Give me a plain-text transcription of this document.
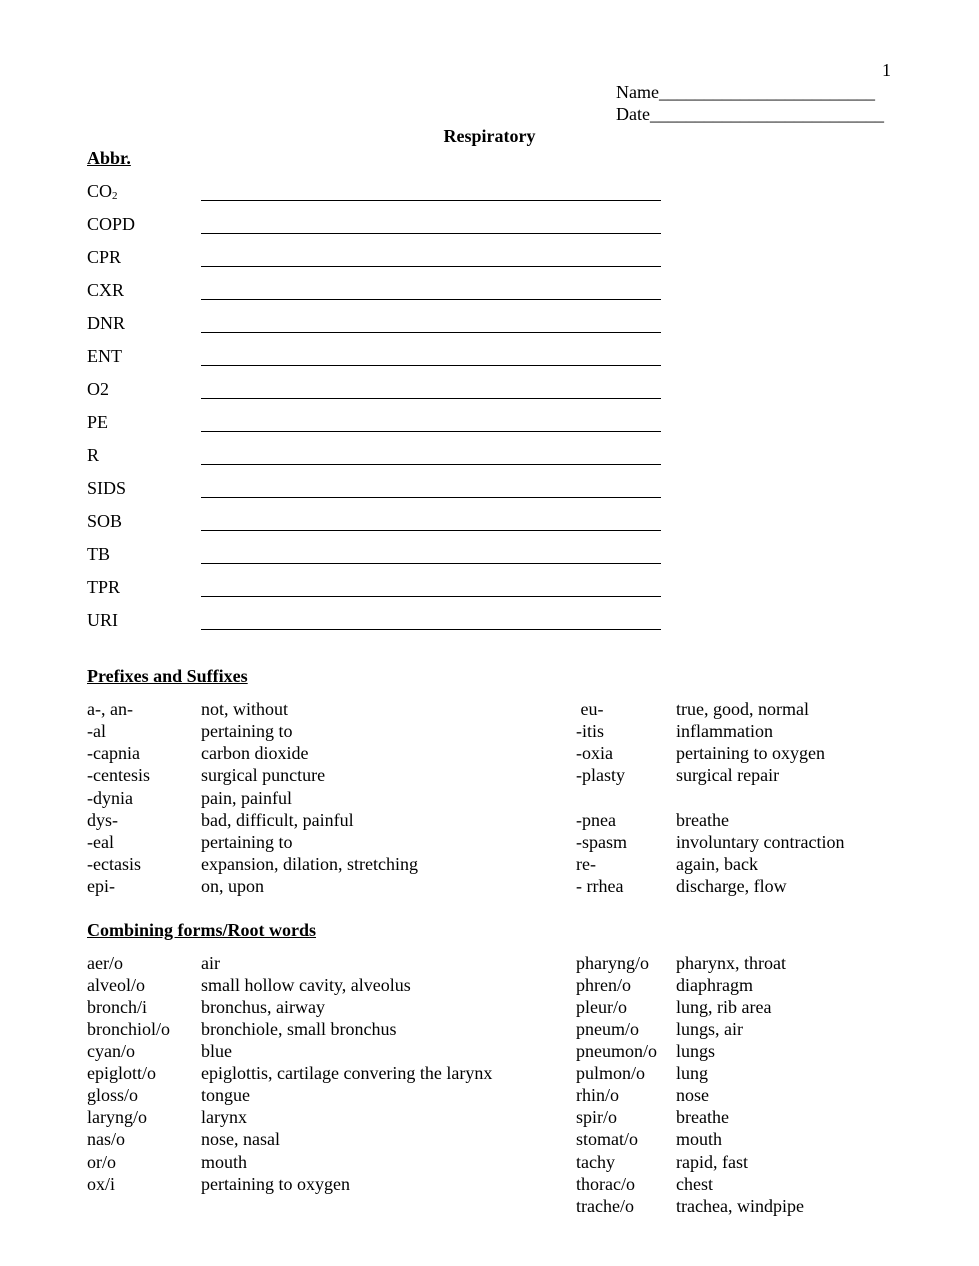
1
Name________________________
Date__________________________
Respiratory
Abbr.
$CO_2$
COPD
CPR
CXR
DNR
ENT
O2
PE
R
SIDS
SOB
TB
TPR
URI
Prefixes and Suffixes
a-, an-	not, without
-al	pertaining to
-capnia	carbon dioxide
-centesis	surgical puncture
-dynia	pain, painful
dys-	bad, difficult, painful
-eal	pertaining to
-ectasis	expansion, dilation, stretching
epi-	on, upon
eu-	true, good, normal
-itis	inflammation
-oxia	pertaining to oxygen
-plasty	surgical repair
-pnea	breathe
-spasm	involuntary contraction
re-	again, back
- rrhea	discharge, flow
Combining forms/Root words
aer/o	air
alveol/o	small hollow cavity, alveolus
bronch/i	bronchus, airway
bronchiol/o bronchiole, small bronchus
cyan/o	blue
epiglott/o	epiglottis, cartilage convering the larynx
gloss/o	tongue
laryng/o	larynx
nas/o	nose, nasal
or/o	mouth
ox/i	pertaining to oxygen
pharyng/o pharynx, throat
phren/o	diaphragm
pleur/o	lung, rib area
pneum/o lungs, air
pneumon/o lungs
pulmon/o lung
rhin/o	nose
spir/o	breathe
stomat/o mouth
tachy	rapid, fast
thorac/o chest
trache/o trachea, windpipe
